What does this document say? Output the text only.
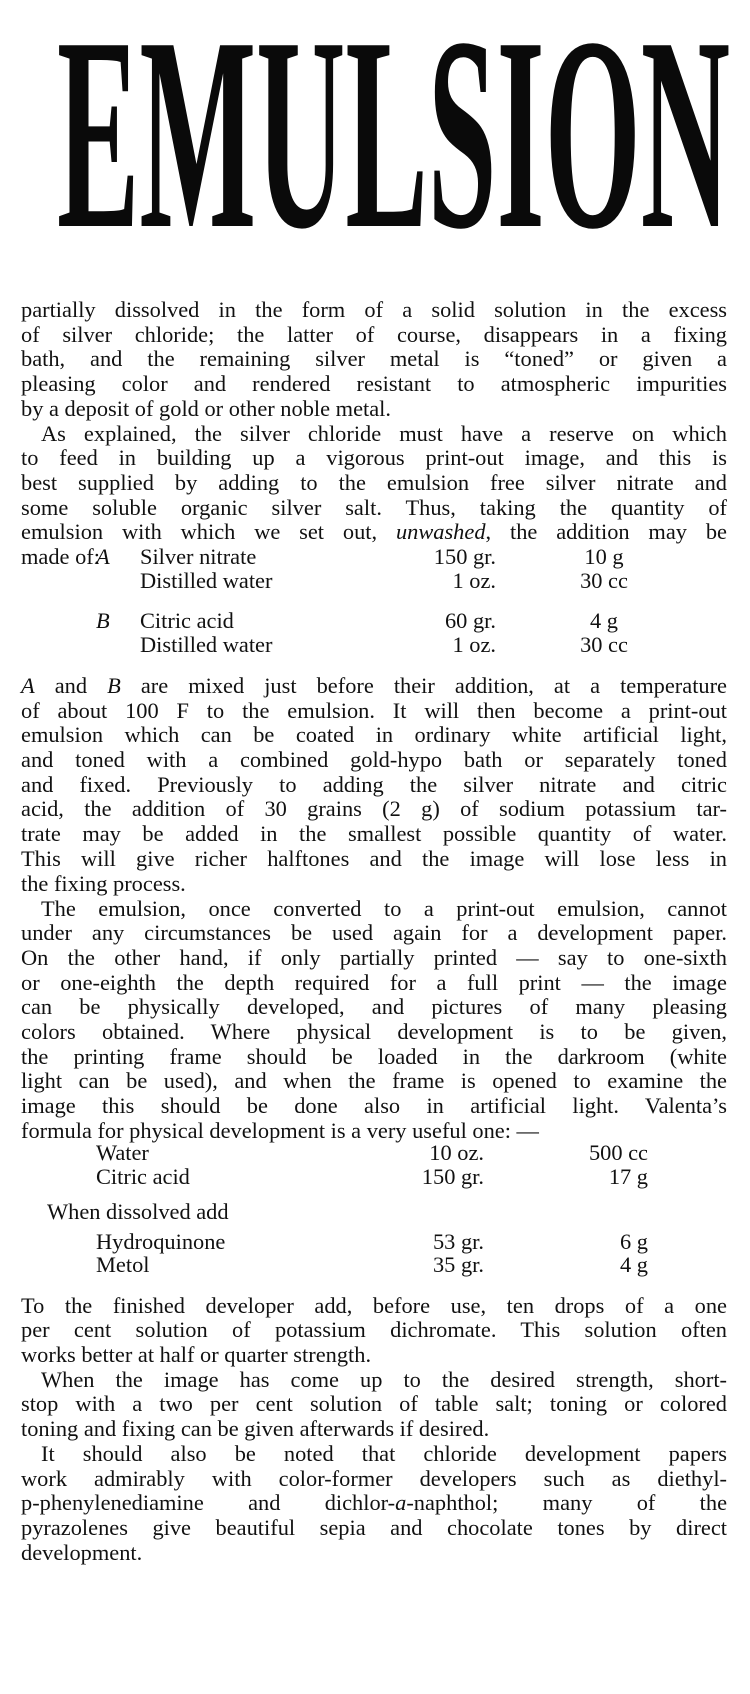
EMULSION
partially dissolved in the form of a solid solution in the excess
of silver chloride; the latter of course, disappears in a fixing
bath, and the remaining silver metal is “toned” or given a
pleasing color and rendered resistant to atmospheric impurities
by a deposit of gold or other noble metal.
As explained, the silver chloride must have a reserve on which
to feed in building up a vigorous print-out image, and this is
best supplied by adding to the emulsion free silver nitrate and
some soluble organic silver salt. Thus, taking the quantity of
emulsion with which we set out, unwashed, the addition may be
made of:
A Silver nitrate	150 gr.	10 g
Distilled water	1 oz.	30 cc
B Citric acid	60 gr.	4 g
Distilled water	1 oz.	30 cc
A and B are mixed just before their addition, at a temperature
of about 100 F to the emulsion. It will then become a print-out
emulsion which can be coated in ordinary white artificial light,
and toned with a combined gold-hypo bath or separately toned
and fixed. Previously to adding the silver nitrate and citric
acid, the addition of 30 grains (2 g) of sodium potassium tar-
trate may be added in the smallest possible quantity of water.
This will give richer halftones and the image will lose less in
the fixing process.
The emulsion, once converted to a print-out emulsion, cannot
under any circumstances be used again for a development paper.
On the other hand, if only partially printed — say to one-sixth
or one-eighth the depth required for a full print — the image
can be physically developed, and pictures of many pleasing
colors obtained. Where physical development is to be given,
the printing frame should be loaded in the darkroom (white
light can be used), and when the frame is opened to examine the
image this should be done also in artificial light. Valenta’s
formula for physical development is a very useful one: —
Water	10 oz.	500 cc
Citric acid	150 gr.	17 g
When dissolved add
Hydroquinone	53 gr.	6 g
Metol	35 gr.	4 g
To the finished developer add, before use, ten drops of a one
per cent solution of potassium dichromate. This solution often
works better at half or quarter strength.
When the image has come up to the desired strength, short-
stop with a two per cent solution of table salt; toning or colored
toning and fixing can be given afterwards if desired.
It should also be noted that chloride development papers
work admirably with color-former developers such as diethyl-
p-phenylenediamine and dichlor-a-naphthol; many of the
pyrazolenes give beautiful sepia and chocolate tones by direct
development.
